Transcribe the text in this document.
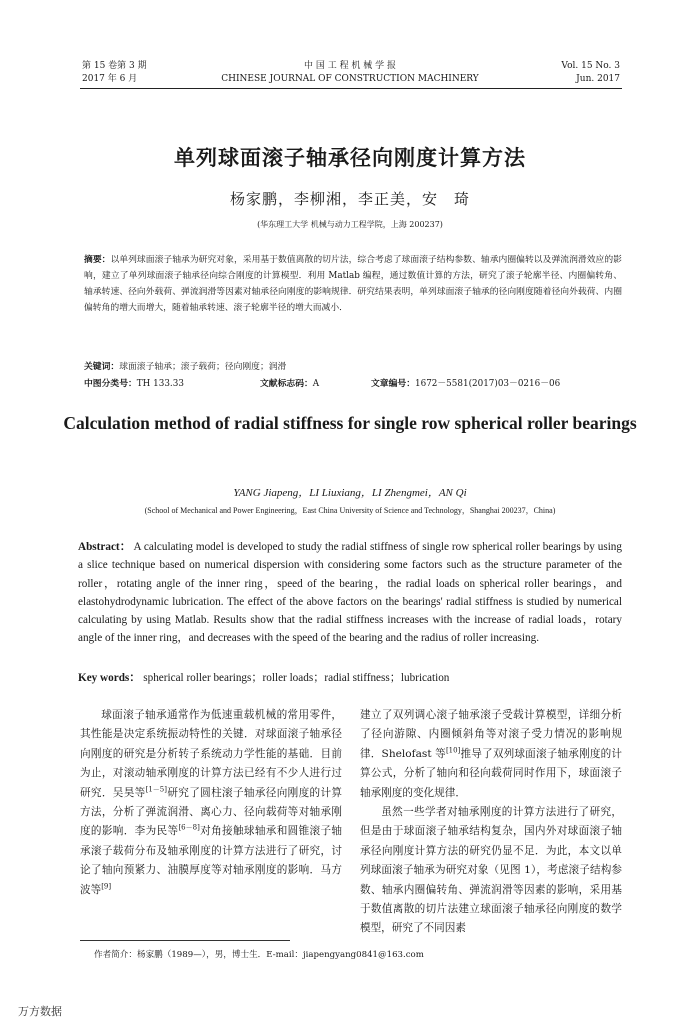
第 15 卷第 3 期
2017 年 6 月
中 国 工 程 机 械 学 报
CHINESE JOURNAL OF CONSTRUCTION MACHINERY
Vol. 15 No. 3
Jun. 2017
单列球面滚子轴承径向刚度计算方法
杨家鹏，李柳湘，李正美，安　琦
(华东理工大学 机械与动力工程学院，上海 200237)
摘要：以单列球面滚子轴承为研究对象，采用基于数值离散的切片法，综合考虑了球面滚子结构参数、轴承内圈偏转以及弹流润滑效应的影响，建立了单列球面滚子轴承径向综合刚度的计算模型．利用 Matlab 编程，通过数值计算的方法，研究了滚子轮廓半径、内圈偏转角、轴承转速、径向外载荷、弹流润滑等因素对轴承径向刚度的影响规律．研究结果表明，单列球面滚子轴承的径向刚度随着径向外载荷、内圈偏转角的增大而增大，随着轴承转速、滚子轮廓半径的增大而减小．
关键词：球面滚子轴承；滚子载荷；径向刚度；润滑
中图分类号：TH 133.33	文献标志码：A	文章编号：1672－5581(2017)03－0216－06
Calculation method of radial stiffness for single row spherical roller bearings
YANG Jiapeng，LI Liuxiang，LI Zhengmei，AN Qi
(School of Mechanical and Power Engineering，East China University of Science and Technology，Shanghai 200237，China)
Abstract： A calculating model is developed to study the radial stiffness of single row spherical roller bearings by using a slice technique based on numerical dispersion with considering some factors such as the structure parameter of the roller，rotating angle of the inner ring，speed of the bearing，the radial loads on spherical roller bearings，and elastohydrodynamic lubrication. The effect of the above factors on the bearings' radial stiffness is studied by numerical calculating by using Matlab. Results show that the radial stiffness increases with the increase of radial loads，rotary angle of the inner ring，and decreases with the speed of the bearing and the radius of roller increasing.
Key words： spherical roller bearings；roller loads；radial stiffness；lubrication

球面滚子轴承通常作为低速重载机械的常用零件，其性能是决定系统振动特性的关键．对球面滚子轴承径向刚度的研究是分析转子系统动力学性能的基础．目前为止，对滚动轴承刚度的计算方法已经有不少人进行过研究．吴昊等[1－5]研究了圆柱滚子轴承径向刚度的计算方法，分析了弹流润滑、离心力、径向载荷等对轴承刚度的影响．李为民等[6－8]对角接触球轴承和圆锥滚子轴承滚子载荷分布及轴承刚度的计算方法进行了研究，讨论了轴向预紧力、油膜厚度等对轴承刚度的影响．马方波等[9]

建立了双列调心滚子轴承滚子受载计算模型，详细分析了径向游隙、内圈倾斜角等对滚子受力情况的影响规律．Shelofast 等[10]推导了双列球面滚子轴承刚度的计算公式，分析了轴向和径向载荷同时作用下，球面滚子轴承刚度的变化规律．

虽然一些学者对轴承刚度的计算方法进行了研究，但是由于球面滚子轴承结构复杂，国内外对球面滚子轴承径向刚度计算方法的研究仍显不足．为此，本文以单列球面滚子轴承为研究对象（见图 1），考虑滚子结构参数、轴承内圈偏转角、弹流润滑等因素的影响，采用基于数值离散的切片法建立球面滚子轴承径向刚度的数学模型，研究了不同因素

作者简介：杨家鹏（1989—），男，博士生．E-mail：jiapengyang0841@163.com
万方数据
